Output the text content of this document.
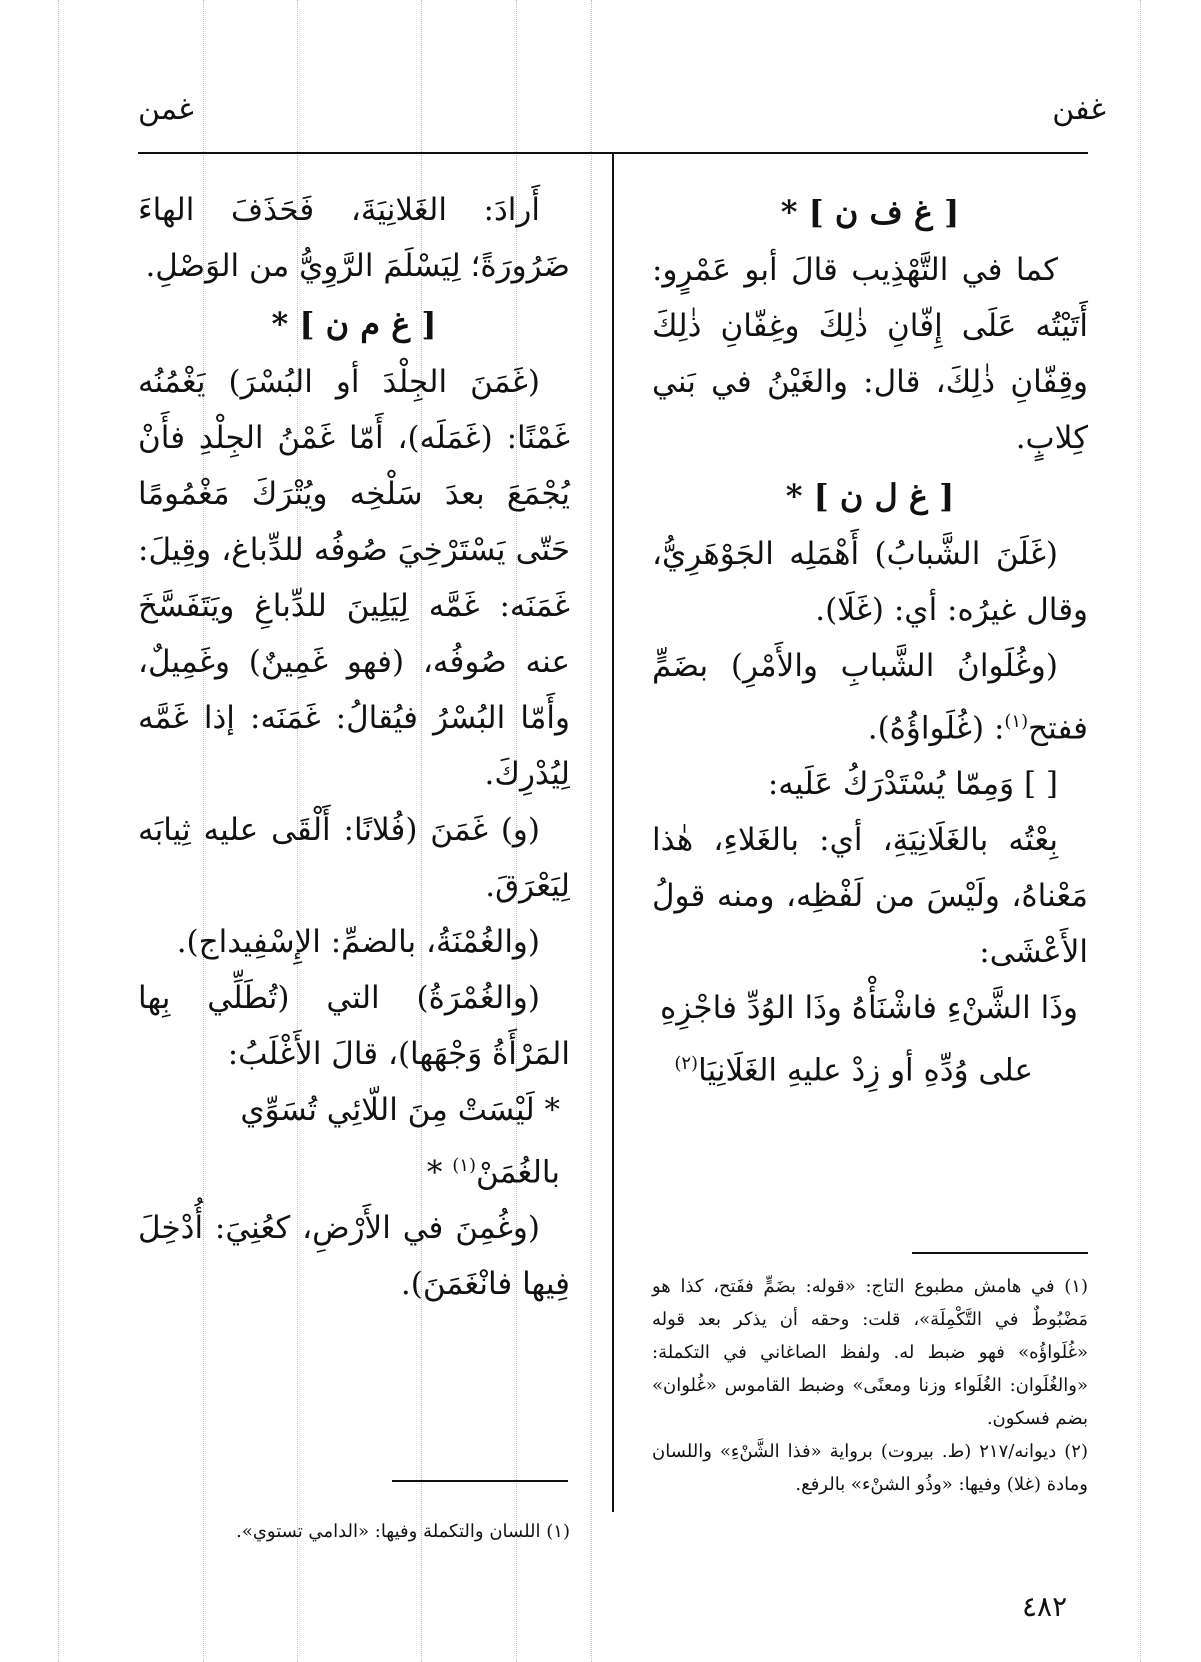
غمن	غفن

[ غ ف ن ] *

كما في التَّهْذِيب قالَ أبو عَمْرٍو: أَتَيْتُه عَلَى إِفّانِ ذٰلِكَ وغِفّانِ ذٰلِكَ وقِفّانِ ذٰلِكَ، قال: والغَيْنُ في بَني كِلابٍ.

[ غ ل ن ] *

(غَلَنَ الشَّبابُ) أَهْمَلِه الجَوْهَرِيُّ، وقال غيرُه: أي: (غَلَا).

(وغُلَوانُ الشَّبابِ والأَمْرِ) بضَمٍّ ففتح$^{(١)}$: (غُلَواؤُهُ).

[ ] وَمِمّا يُسْتَدْرَكُ عَلَيه:

بِعْتُه بالغَلَانِيَةِ، أي: بالغَلاءِ، هٰذا مَعْناهُ، ولَيْسَ من لَفْظِه، ومنه قولُ الأَعْشَى:

وذَا الشَّنْءِ فاشْنَأْهُ وذَا الوُدِّ فاجْزِهِ

على وُدِّهِ أو زِدْ عليهِ الغَلَانِيَا$^{(٢)}$

(١) في هامش مطبوع التاج: «قوله: بضَمٍّ ففَتح، كذا هو مَضْبُوطٌ في التَّكْمِلَة»، قلت: وحقه أن يذكر بعد قوله «غُلَواؤُه» فهو ضبط له. ولفظ الصاغاني في التكملة: «والغُلَوان: الغُلَواء وزنا ومعنًى» وضبط القاموس «غُلوان» بضم فسكون.

(٢) ديوانه/٢١٧ (ط. بيروت) برواية «فذا الشَّنْءِ» واللسان ومادة (غلا) وفيها: «وذُو الشنْء» بالرفع.

أَرادَ: الغَلانِيَةَ، فَحَذَفَ الهاءَ ضَرُورَةً؛ لِيَسْلَمَ الرَّوِيُّ من الوَصْلِ.

[ غ م ن ] *

(غَمَنَ الجِلْدَ أو البُسْرَ) يَغْمُنُه غَمْنًا: (غَمَلَه)، أَمّا غَمْنُ الجِلْدِ فأَنْ يُجْمَعَ بعدَ سَلْخِه ويُتْرَكَ مَغْمُومًا حَتّى يَسْتَرْخِيَ صُوفُه للدِّباغ، وقِيلَ: غَمَنَه: غَمَّه لِيَلِينَ للدِّباغِ ويَتَفَسَّخَ عنه صُوفُه، (فهو غَمِينٌ) وغَمِيلٌ، وأَمّا البُسْرُ فيُقالُ: غَمَنَه: إذا غَمَّه لِيُدْرِكَ.

(و) غَمَنَ (فُلانًا: أَلْقَى عليه ثِيابَه لِيَعْرَقَ.

(والغُمْنَةُ، بالضمِّ: الإِسْفِيداج).

(والغُمْرَةُ) التي (تُطَلِّي بِها المَرْأَةُ وَجْهَها)، قالَ الأَغْلَبُ:

* لَيْسَتْ مِنَ اللّائِي تُسَوِّي بالغُمَنْ$^{(١)}$ *

(وغُمِنَ في الأَرْضِ، كعُنِيَ: أُدْخِلَ فِيها فانْغَمَنَ).

(١) اللسان والتكملة وفيها: «الدامي تستوي».

٤٨٢
